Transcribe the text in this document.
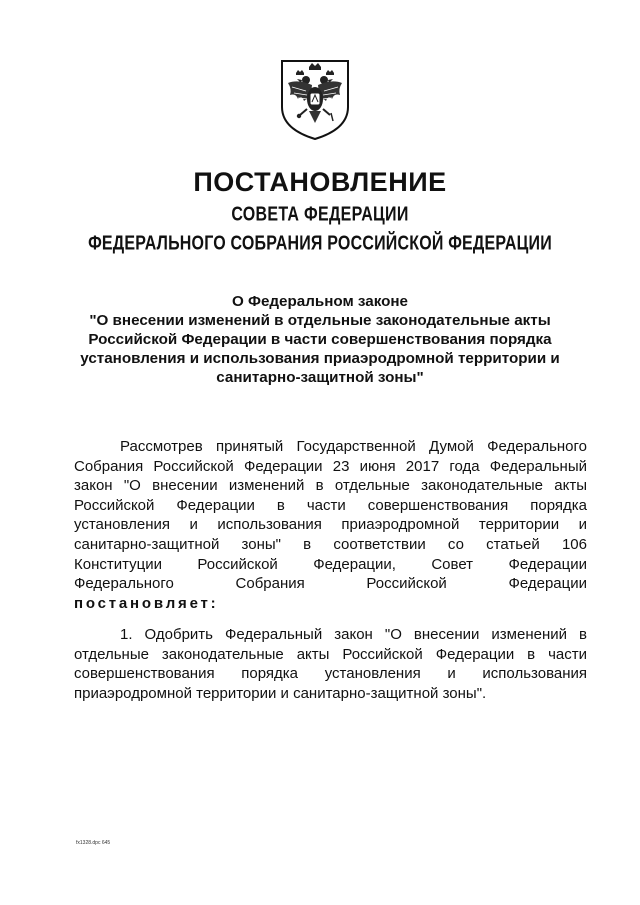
ПОСТАНОВЛЕНИЕ
СОВЕТА ФЕДЕРАЦИИ
ФЕДЕРАЛЬНОГО СОБРАНИЯ РОССИЙСКОЙ ФЕДЕРАЦИИ
О Федеральном законе
"О внесении изменений в отдельные законодательные акты
Российской Федерации в части совершенствования порядка
установления и использования приаэродромной территории и
санитарно-защитной зоны"
Рассмотрев принятый Государственной Думой Федерального
Собрания Российской Федерации 23 июня 2017 года Федеральный
закон "О внесении изменений в отдельные законодательные акты
Российской Федерации в части совершенствования порядка
установления и использования приаэродромной территории и
санитарно-защитной зоны" в соответствии со статьей 106
Конституции Российской Федерации, Совет Федерации
Федерального Собрания Российской Федерации
постановляет:
1. Одобрить Федеральный закон "О внесении изменений в
отдельные законодательные акты Российской Федерации в части
совершенствования порядка установления и использования
приаэродромной территории и санитарно-защитной зоны".
fx1328.dpc 645
